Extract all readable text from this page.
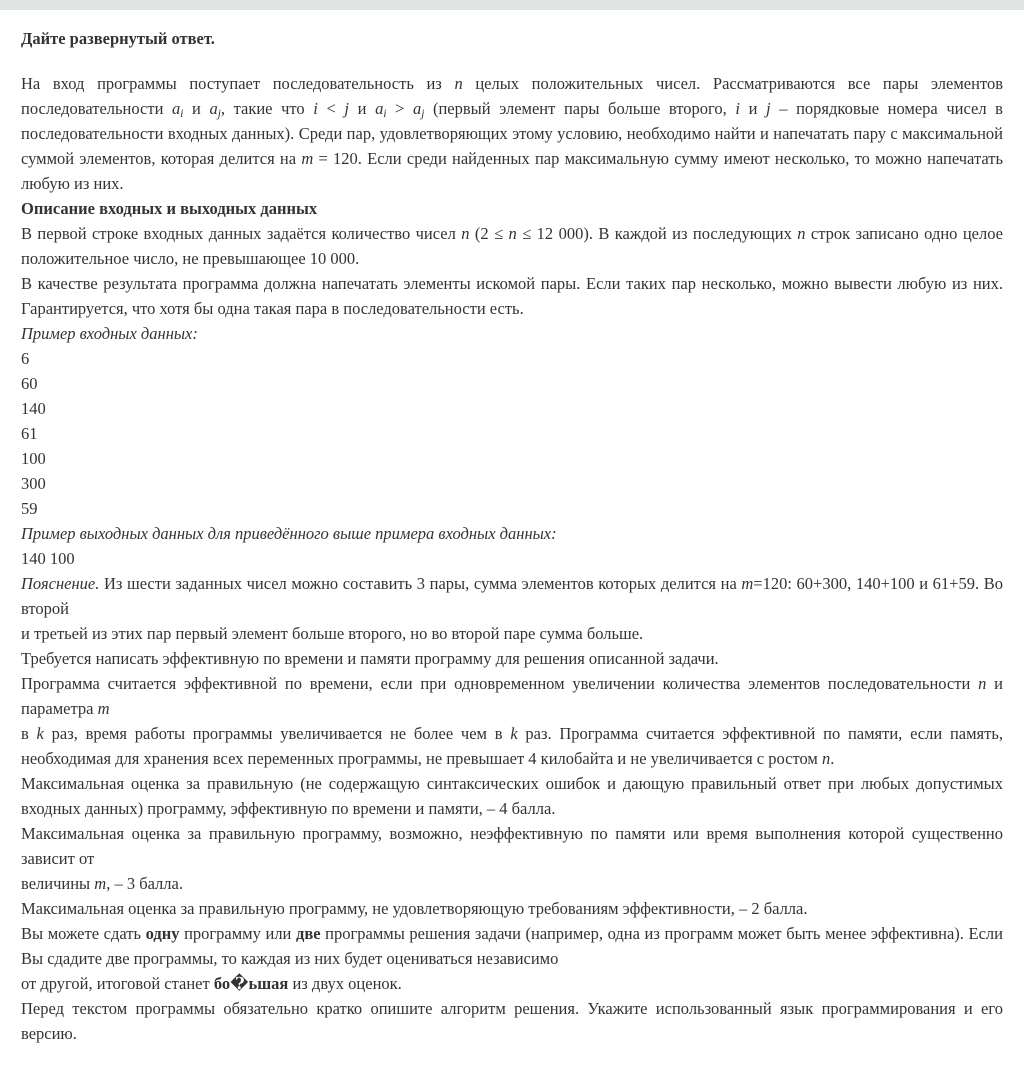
Дайте развернутый ответ.
На вход программы поступает последовательность из n целых положительных чисел. Рассматриваются все пары элементов последовательности $a_i$ и $a_j$, такие что i < j и $a_i > a_j$ (первый элемент пары больше второго, i и j – порядковые номера чисел в последовательности входных данных). Среди пар, удовлетворяющих этому условию, необходимо найти и напечатать пару с максимальной суммой элементов, которая делится на m = 120. Если среди найденных пар максимальную сумму имеют несколько, то можно напечатать любую из них.
Описание входных и выходных данных
В первой строке входных данных задаётся количество чисел n (2 ≤ n ≤ 12 000). В каждой из последующих n строк записано одно целое положительное число, не превышающее 10 000.
В качестве результата программа должна напечатать элементы искомой пары. Если таких пар несколько, можно вывести любую из них. Гарантируется, что хотя бы одна такая пара в последовательности есть.
Пример входных данных:
6
60
140
61
100
300
59
Пример выходных данных для приведённого выше примера входных данных:
140 100
Пояснение. Из шести заданных чисел можно составить 3 пары, сумма элементов которых делится на m=120: 60+300, 140+100 и 61+59. Во второй
и третьей из этих пар первый элемент больше второго, но во второй паре сумма больше.
Требуется написать эффективную по времени и памяти программу для решения описанной задачи.
Программа считается эффективной по времени, если при одновременном увеличении количества элементов последовательности n и параметра m
в k раз, время работы программы увеличивается не более чем в k раз. Программа считается эффективной по памяти, если память, необходимая для хранения всех переменных программы, не превышает 4 килобайта и не увеличивается с ростом n.
Максимальная оценка за правильную (не содержащую синтаксических ошибок и дающую правильный ответ при любых допустимых входных данных) программу, эффективную по времени и памяти, – 4 балла.
Максимальная оценка за правильную программу, возможно, неэффективную по памяти или время выполнения которой существенно зависит от
величины m, – 3 балла.
Максимальная оценка за правильную программу, не удовлетворяющую требованиям эффективности, – 2 балла.
Вы можете сдать одну программу или две программы решения задачи (например, одна из программ может быть менее эффективна). Если Вы сдадите две программы, то каждая из них будет оцениваться независимо
от другой, итоговой станет бо�ьшая из двух оценок.
Перед текстом программы обязательно кратко опишите алгоритм решения. Укажите использованный язык программирования и его версию.
